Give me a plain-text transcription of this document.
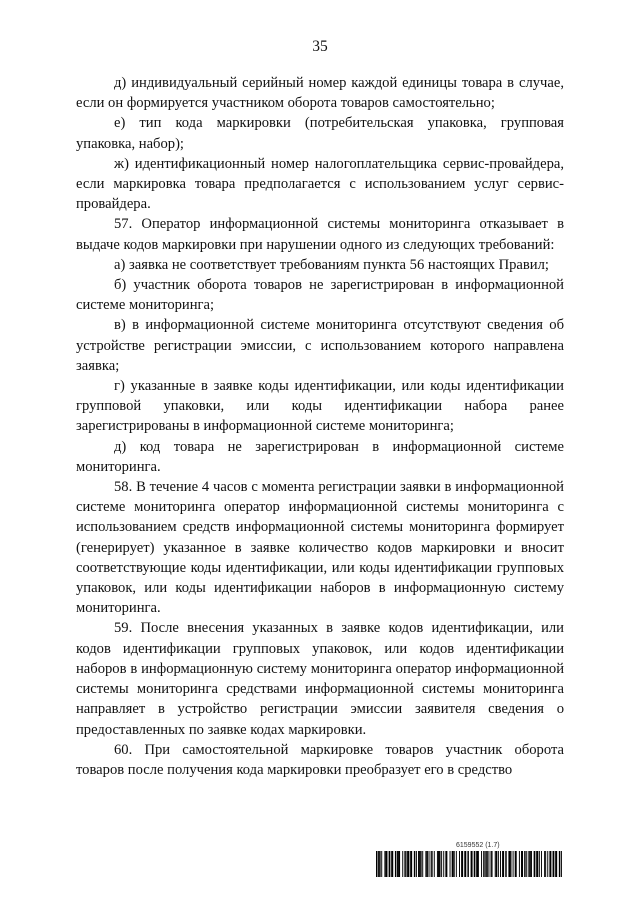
35

д) индивидуальный серийный номер каждой единицы товара в случае, если он формируется участником оборота товаров самостоятельно;

е) тип кода маркировки (потребительская упаковка, групповая упаковка, набор);

ж) идентификационный номер налогоплательщика сервис-провайдера, если маркировка товара предполагается с использованием услуг сервис-провайдера.

57. Оператор информационной системы мониторинга отказывает в выдаче кодов маркировки при нарушении одного из следующих требований:

а) заявка не соответствует требованиям пункта 56 настоящих Правил;

б) участник оборота товаров не зарегистрирован в информационной системе мониторинга;

в) в информационной системе мониторинга отсутствуют сведения об устройстве регистрации эмиссии, с использованием которого направлена заявка;

г) указанные в заявке коды идентификации, или коды идентификации групповой упаковки, или коды идентификации набора ранее зарегистрированы в информационной системе мониторинга;

д) код товара не зарегистрирован в информационной системе мониторинга.

58. В течение 4 часов с момента регистрации заявки в информационной системе мониторинга оператор информационной системы мониторинга с использованием средств информационной системы мониторинга формирует (генерирует) указанное в заявке количество кодов маркировки и вносит соответствующие коды идентификации, или коды идентификации групповых упаковок, или коды идентификации наборов в информационную систему мониторинга.

59. После внесения указанных в заявке кодов идентификации, или кодов идентификации групповых упаковок, или кодов идентификации наборов в информационную систему мониторинга оператор информационной системы мониторинга средствами информационной системы мониторинга направляет в устройство регистрации эмиссии заявителя сведения о предоставленных по заявке кодах маркировки.

60. При самостоятельной маркировке товаров участник оборота товаров после получения кода маркировки преобразует его в средство

6159552 (1.7)
